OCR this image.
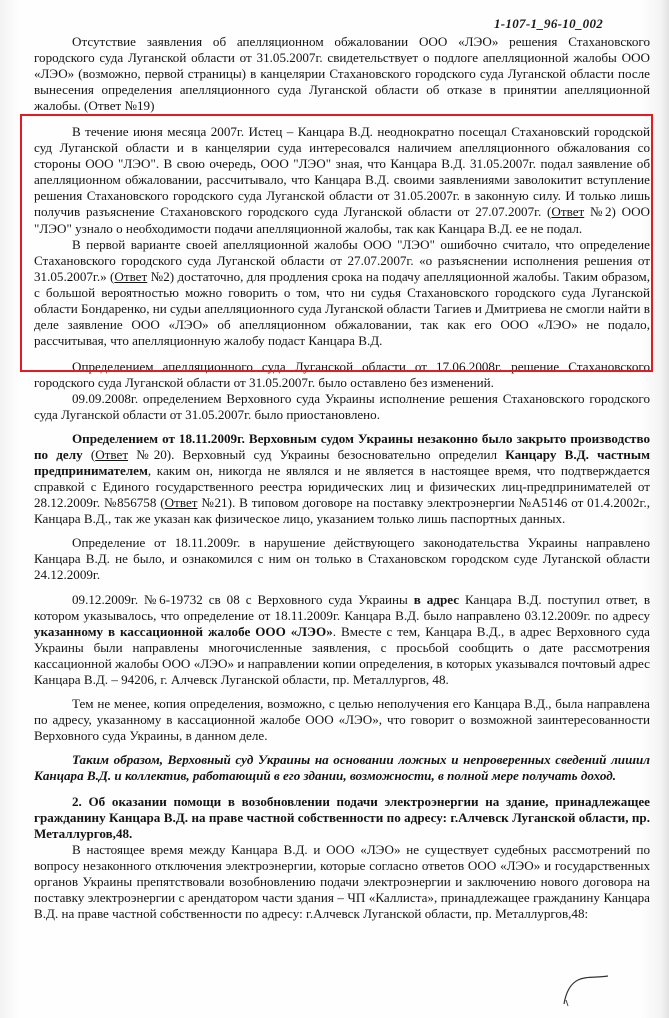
1-107-1_96-10_002

Отсутствие заявления об апелляционном обжаловании ООО «ЛЭО» решения Стахановского городского суда Луганской области от 31.05.2007г. свидетельствует о подлоге апелляционной жалобы ООО «ЛЭО» (возможно, первой страницы) в канцелярии Стахановского городского суда Луганской области после вынесения определения апелляционного суда Луганской области об отказе в принятии апелляционной жалобы. (Ответ №19)

В течение июня месяца 2007г. Истец – Канцара В.Д. неоднократно посещал Стахановский городской суд Луганской области и в канцелярии суда интересовался наличием апелляционного обжалования со стороны ООО "ЛЭО". В свою очередь, ООО "ЛЭО" зная, что Канцара В.Д. 31.05.2007г. подал заявление об апелляционном обжаловании, рассчитывало, что Канцара В.Д. своими заявлениями заволокитит вступление решения Стахановского городского суда Луганской области от 31.05.2007г. в законную силу. И только лишь получив разъяснение Стахановского городского суда Луганской области от 27.07.2007г. (Ответ №2) ООО "ЛЭО" узнало о необходимости подачи апелляционной жалобы, так как Канцара В.Д. ее не подал.

В первой варианте своей апелляционной жалобы ООО "ЛЭО" ошибочно считало, что определение Стахановского городского суда Луганской области от 27.07.2007г. «о разъяснении исполнения решения от 31.05.2007г.» (Ответ №2) достаточно, для продления срока на подачу апелляционной жалобы. Таким образом, с большой вероятностью можно говорить о том, что ни судья Стахановского городского суда Луганской области Бондаренко, ни судьи апелляционного суда Луганской области Тагиев и Дмитриева не смогли найти в деле заявление ООО «ЛЭО» об апелляционном обжаловании, так как его ООО «ЛЭО» не подало, рассчитывая, что апелляционную жалобу подаст Канцара В.Д.

Определением апелляционного суда Луганской области от 17.06.2008г. решение Стахановского городского суда Луганской области от 31.05.2007г. было оставлено без изменений.

09.09.2008г. определением Верховного суда Украины исполнение решения Стахановского городского суда Луганской области от 31.05.2007г. было приостановлено.

Определением от 18.11.2009г. Верховным судом Украины незаконно было закрыто производство по делу (Ответ №20). Верховный суд Украины безосновательно определил Канцару В.Д. частным предпринимателем, каким он, никогда не являлся и не является в настоящее время, что подтверждается справкой с Единого государственного реестра юридических лиц и физических лиц-предпринимателей от 28.12.2009г. №856758 (Ответ №21). В типовом договоре на поставку электроэнергии №А5146 от 01.4.2002г., Канцара В.Д., так же указан как физическое лицо, указанием только лишь паспортных данных.

Определение от 18.11.2009г. в нарушение действующего законодательства Украины направлено Канцара В.Д. не было, и ознакомился с ним он только в Стахановском городском суде Луганской области 24.12.2009г.

09.12.2009г. №6-19732 св 08 с Верховного суда Украины в адрес Канцара В.Д. поступил ответ, в котором указывалось, что определение от 18.11.2009г. Канцара В.Д. было направлено 03.12.2009г. по адресу указанному в кассационной жалобе ООО «ЛЭО». Вместе с тем, Канцара В.Д., в адрес Верховного суда Украины были направлены многочисленные заявления, с просьбой сообщить о дате рассмотрения кассационной жалобы ООО «ЛЭО» и направлении копии определения, в которых указывался почтовый адрес Канцара В.Д. – 94206, г. Алчевск Луганской области, пр. Металлургов, 48.

Тем не менее, копия определения, возможно, с целью неполучения его Канцара В.Д., была направлена по адресу, указанному в кассационной жалобе ООО «ЛЭО», что говорит о возможной заинтересованности Верховного суда Украины, в данном деле.

Таким образом, Верховный суд Украины на основании ложных и непроверенных сведений лишил Канцара В.Д. и коллектив, работающий в его здании, возможности, в полной мере получать доход.

2. Об оказании помощи в возобновлении подачи электроэнергии на здание, принадлежащее гражданину Канцара В.Д. на праве частной собственности по адресу: г.Алчевск Луганской области, пр. Металлургов,48.

В настоящее время между Канцара В.Д. и ООО «ЛЭО» не существует судебных рассмотрений по вопросу незаконного отключения электроэнергии, которые согласно ответов ООО «ЛЭО» и государственных органов Украины препятствовали возобновлению подачи электроэнергии и заключению нового договора на поставку электроэнергии с арендатором части здания – ЧП «Каллиста», принадлежащее гражданину Канцара В.Д. на праве частной собственности по адресу: г.Алчевск Луганской области, пр. Металлургов,48:
